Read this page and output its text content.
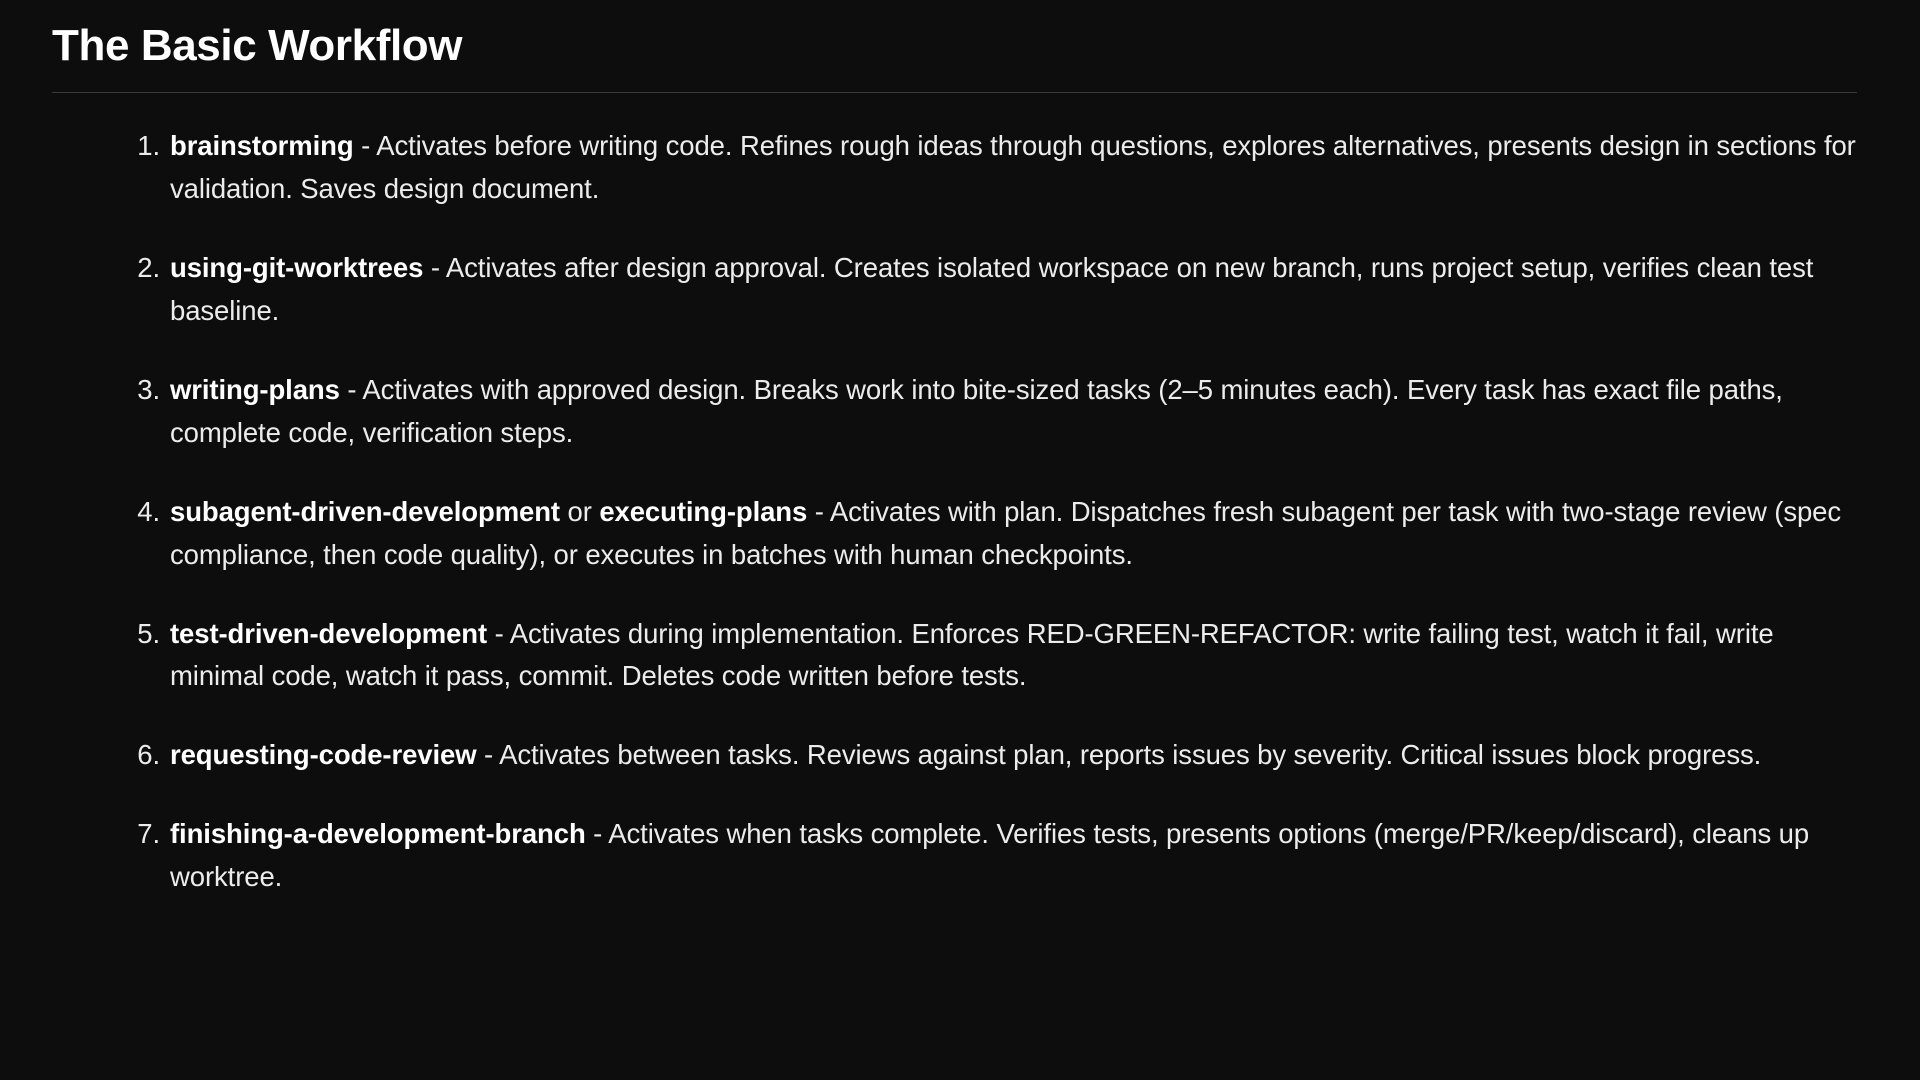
The Basic Workflow
brainstorming - Activates before writing code. Refines rough ideas through questions, explores alternatives, presents design in sections for validation. Saves design document.
using-git-worktrees - Activates after design approval. Creates isolated workspace on new branch, runs project setup, verifies clean test baseline.
writing-plans - Activates with approved design. Breaks work into bite-sized tasks (2–5 minutes each). Every task has exact file paths, complete code, verification steps.
subagent-driven-development or executing-plans - Activates with plan. Dispatches fresh subagent per task with two-stage review (spec compliance, then code quality), or executes in batches with human checkpoints.
test-driven-development - Activates during implementation. Enforces RED-GREEN-REFACTOR: write failing test, watch it fail, write minimal code, watch it pass, commit. Deletes code written before tests.
requesting-code-review - Activates between tasks. Reviews against plan, reports issues by severity. Critical issues block progress.
finishing-a-development-branch - Activates when tasks complete. Verifies tests, presents options (merge/PR/keep/discard), cleans up worktree.
